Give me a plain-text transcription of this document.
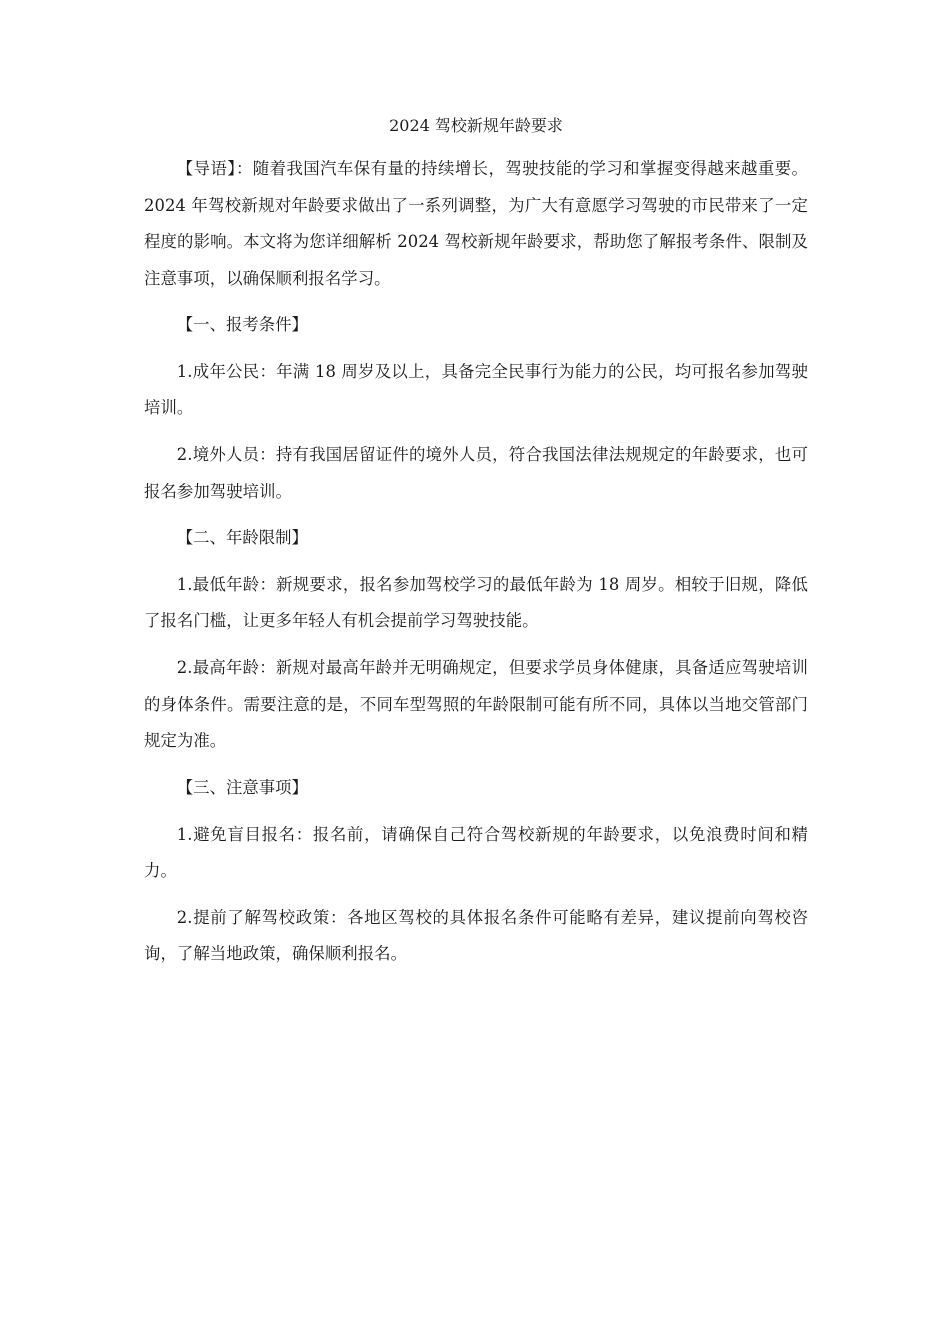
2024 驾校新规年龄要求

【导语】：随着我国汽车保有量的持续增长，驾驶技能的学习和掌握变得越来越重要。2024 年驾校新规对年龄要求做出了一系列调整，为广大有意愿学习驾驶的市民带来了一定程度的影响。本文将为您详细解析 2024 驾校新规年龄要求，帮助您了解报考条件、限制及注意事项，以确保顺利报名学习。

【一、报考条件】

1.成年公民：年满 18 周岁及以上，具备完全民事行为能力的公民，均可报名参加驾驶培训。

2.境外人员：持有我国居留证件的境外人员，符合我国法律法规规定的年龄要求，也可报名参加驾驶培训。

【二、年龄限制】

1.最低年龄：新规要求，报名参加驾校学习的最低年龄为 18 周岁。相较于旧规，降低了报名门槛，让更多年轻人有机会提前学习驾驶技能。

2.最高年龄：新规对最高年龄并无明确规定，但要求学员身体健康，具备适应驾驶培训的身体条件。需要注意的是，不同车型驾照的年龄限制可能有所不同，具体以当地交管部门规定为准。

【三、注意事项】

1.避免盲目报名：报名前，请确保自己符合驾校新规的年龄要求，以免浪费时间和精力。

2.提前了解驾校政策：各地区驾校的具体报名条件可能略有差异，建议提前向驾校咨询，了解当地政策，确保顺利报名。
